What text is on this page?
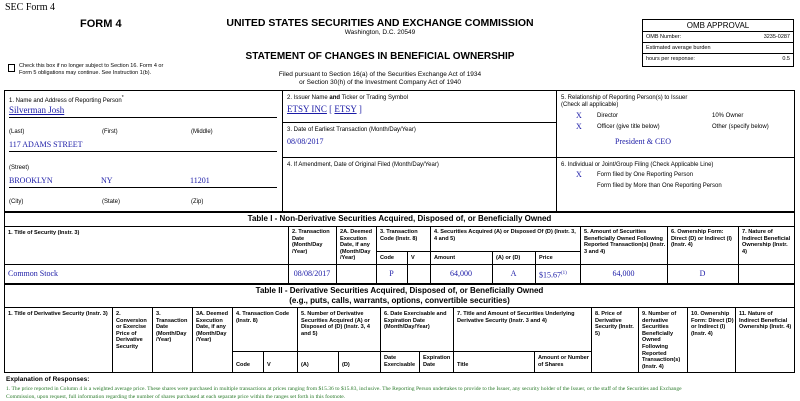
SEC Form 4
FORM 4	UNITED STATES SECURITIES AND EXCHANGE COMMISSION
Washington, D.C. 20549
STATEMENT OF CHANGES IN BENEFICIAL OWNERSHIP
Filed pursuant to Section 16(a) of the Securities Exchange Act of 1934
or Section 30(h) of the Investment Company Act of 1940
Check this box if no longer subject to Section 16. Form 4 or
Form 5 obligations may continue. See Instruction 1(b).
OMB APPROVAL
OMB Number:	3235-0287
Estimated average burden
hours per response:	0.5
1. Name and Address of Reporting Person*
Silverman Josh
(Last)	(First)	(Middle)
117 ADAMS STREET
(Street)
BROOKLYN	NY	11201
(City)	(State)	(Zip)
2. Issuer Name and Ticker or Trading Symbol
ETSY INC [ ETSY ]
3. Date of Earliest Transaction (Month/Day/Year)
08/08/2017
4. If Amendment, Date of Original Filed (Month/Day/Year)
5. Relationship of Reporting Person(s) to Issuer
(Check all applicable)
X	Director	10% Owner
X	Officer (give title below)	Other (specify below)
President & CEO
6. Individual or Joint/Group Filing (Check Applicable Line)
X	Form filed by One Reporting Person
Form filed by More than One Reporting Person
Table I - Non-Derivative Securities Acquired, Disposed of, or Beneficially Owned
1. Title of Security (Instr. 3)	2. Transaction Date (Month/Day /Year)
2A. Deemed Execution Date, if any (Month/Day /Year)
3. Transaction Code (Instr. 8)
4. Securities Acquired (A) or Disposed Of (D) (Instr. 3, 4 and 5)
5. Amount of Securities Beneficially Owned Following Reported Transaction(s) (Instr. 3 and 4)
6. Ownership Form: Direct (D) or Indirect (I) (Instr. 4)
7. Nature of Indirect Beneficial Ownership (Instr. 4)
Code	V	Amount	(A) or (D)	Price
Common Stock	08/08/2017	P	64,000	A	$15.67$^{(1)}$	64,000	D
Table II - Derivative Securities Acquired, Disposed of, or Beneficially Owned
(e.g., puts, calls, warrants, options, convertible securities)
1. Title of Derivative Security (Instr. 3)	2. Conversion or Exercise Price of Derivative Security
3. Transaction Date (Month/Day /Year)
3A. Deemed Execution Date, if any (Month/Day /Year)
4. Transaction Code (Instr. 8)
5. Number of Derivative Securities Acquired (A) or Disposed of (D) (Instr. 3, 4 and 5)
6. Date Exercisable and Expiration Date (Month/Day/Year)
7. Title and Amount of Securities Underlying Derivative Security (Instr. 3 and 4)
8. Price of Derivative Security (Instr. 5)
9. Number of derivative Securities Beneficially Owned Following Reported Transaction(s) (Instr. 4)
10. Ownership Form: Direct (D) or Indirect (I) (Instr. 4)
11. Nature of Indirect Beneficial Ownership (Instr. 4)
Code	V	(A)	(D)
Date Exercisable
Expiration Date	Title
Amount or Number of Shares
Explanation of Responses:
1. The price reported in Column 4 is a weighted average price. These shares were purchased in multiple transactions at prices ranging from $15.36 to $15.83, inclusive. The Reporting Person undertakes to provide to the Issuer, any security holder of the Issuer, or the staff of the Securities and Exchange
Commission, upon request, full information regarding the number of shares purchased at each separate price within the ranges set forth in this footnote.
